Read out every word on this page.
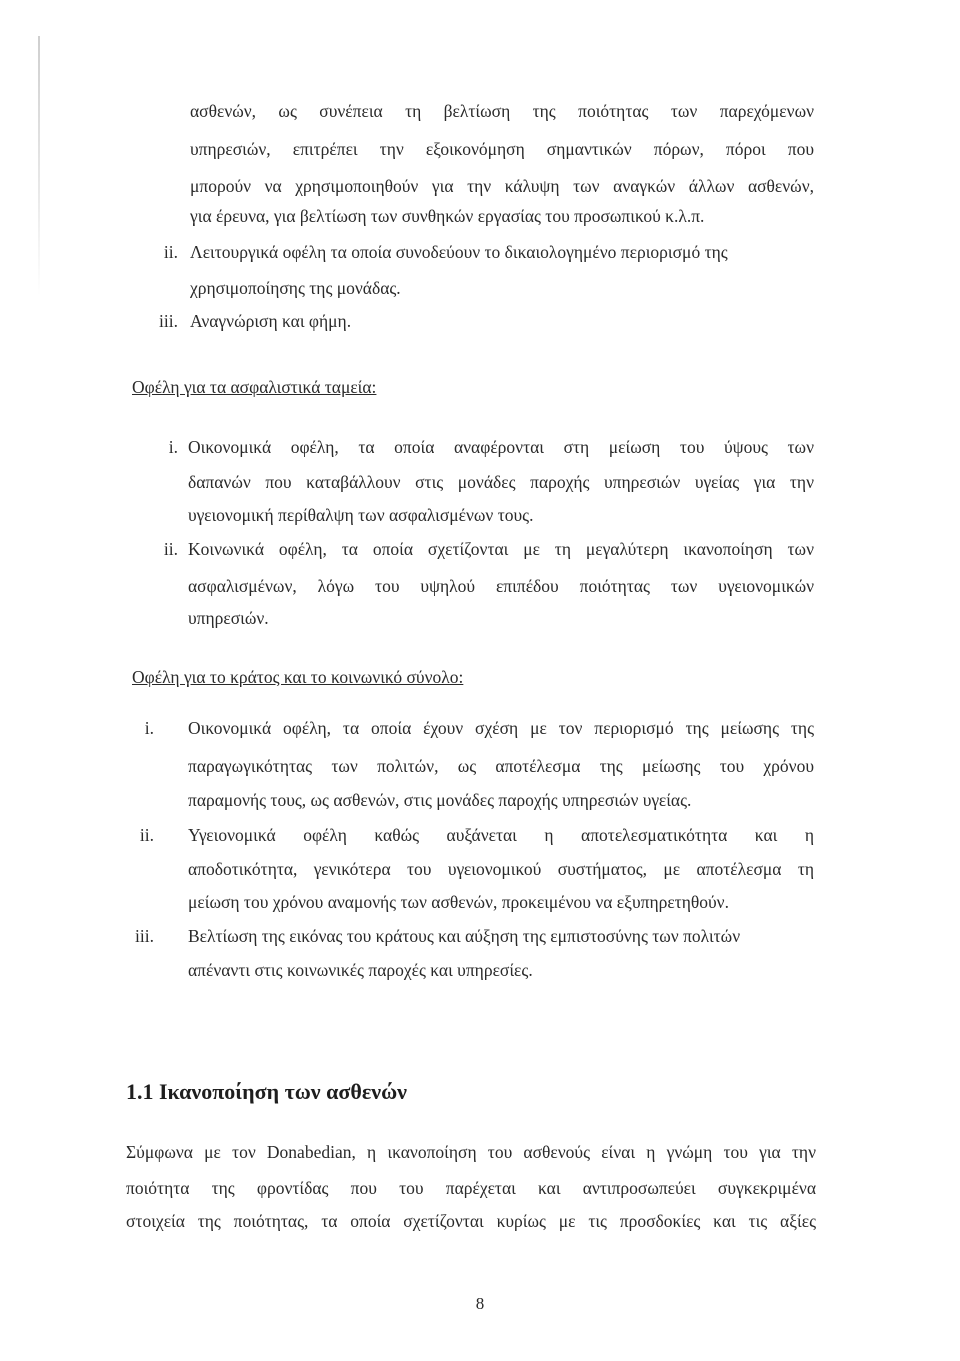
ασθενών, ως συνέπεια τη βελτίωση της ποιότητας των παρεχόμενων
υπηρεσιών, επιτρέπει την εξοικονόμηση σημαντικών πόρων, πόροι που
μπορούν να χρησιμοποιηθούν για την κάλυψη των αναγκών άλλων ασθενών,
για έρευνα, για βελτίωση των συνθηκών εργασίας του προσωπικού κ.λ.π.
ii. Λειτουργικά οφέλη τα οποία συνοδεύουν το δικαιολογημένο περιορισμό της
χρησιμοποίησης της μονάδας.
iii. Αναγνώριση και φήμη.
Οφέλη για τα ασφαλιστικά ταμεία:
i. Οικονομικά οφέλη, τα οποία αναφέρονται στη μείωση του ύψους των
δαπανών που καταβάλλουν στις μονάδες παροχής υπηρεσιών υγείας για την
υγειονομική περίθαλψη των ασφαλισμένων τους.
ii. Κοινωνικά οφέλη, τα οποία σχετίζονται με τη μεγαλύτερη ικανοποίηση των
ασφαλισμένων, λόγω του υψηλού επιπέδου ποιότητας των υγειονομικών
υπηρεσιών.
Οφέλη για το κράτος και το κοινωνικό σύνολο:
i. Οικονομικά οφέλη, τα οποία έχουν σχέση με τον περιορισμό της μείωσης της
παραγωγικότητας των πολιτών, ως αποτέλεσμα της μείωσης του χρόνου
παραμονής τους, ως ασθενών, στις μονάδες παροχής υπηρεσιών υγείας.
ii. Υγειονομικά οφέλη καθώς αυξάνεται η αποτελεσματικότητα και η
αποδοτικότητα, γενικότερα του υγειονομικού συστήματος, με αποτέλεσμα τη
μείωση του χρόνου αναμονής των ασθενών, προκειμένου να εξυπηρετηθούν.
iii. Βελτίωση της εικόνας του κράτους και αύξηση της εμπιστοσύνης των πολιτών
απέναντι στις κοινωνικές παροχές και υπηρεσίες.
1.1 Ικανοποίηση των ασθενών
Σύμφωνα με τον Donabedian, η ικανοποίηση του ασθενούς είναι η γνώμη του για την
ποιότητα της φροντίδας που του παρέχεται και αντιπροσωπεύει συγκεκριμένα
στοιχεία της ποιότητας, τα οποία σχετίζονται κυρίως με τις προσδοκίες και τις αξίες
8
